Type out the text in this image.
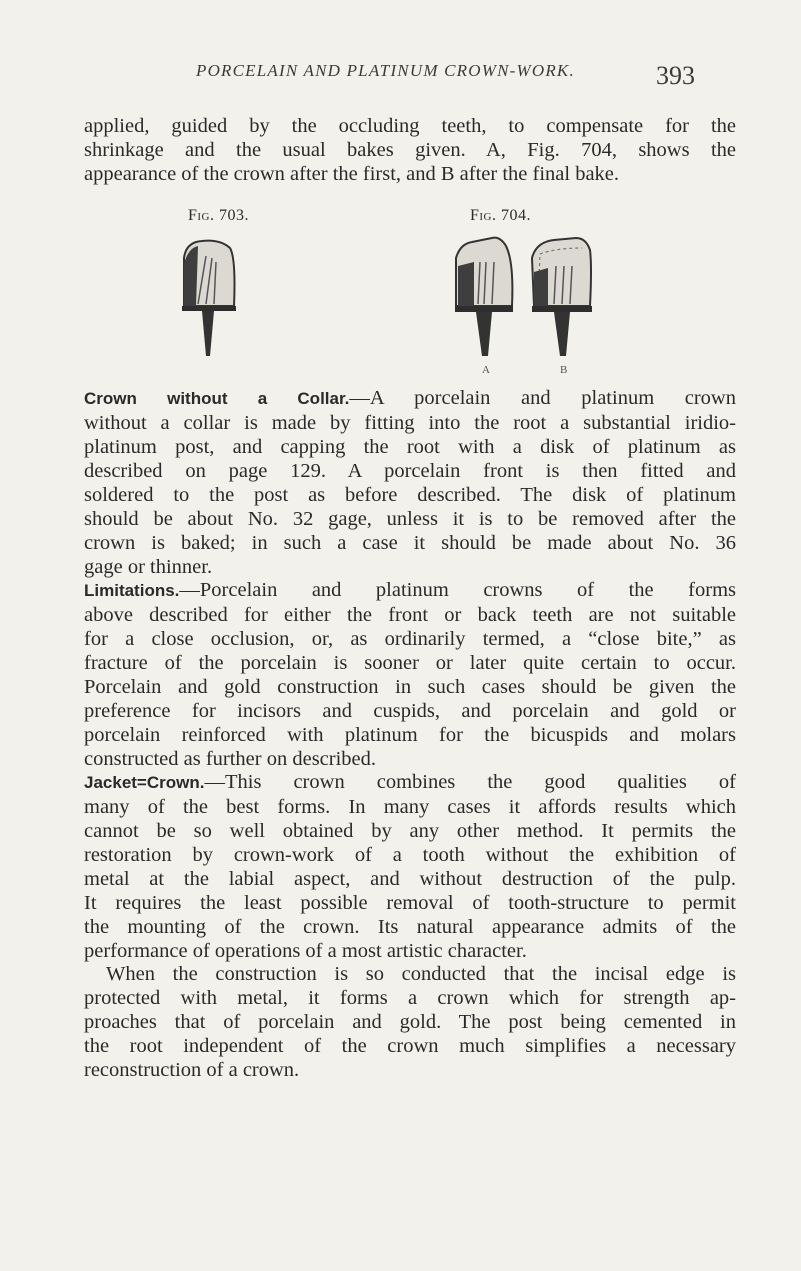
PORCELAIN AND PLATINUM CROWN-WORK.	393
applied, guided by the occluding teeth, to compensate for the
shrinkage and the usual bakes given. A, Fig. 704, shows the
appearance of the crown after the first, and B after the final bake.
Fig. 703.	Fig. 704.
A	B
Crown without a Collar.—A porcelain and platinum crown
without a collar is made by fitting into the root a substantial iridio-
platinum post, and capping the root with a disk of platinum as
described on page 129. A porcelain front is then fitted and
soldered to the post as before described. The disk of platinum
should be about No. 32 gage, unless it is to be removed after the
crown is baked; in such a case it should be made about No. 36
gage or thinner.
Limitations.—Porcelain and platinum crowns of the forms
above described for either the front or back teeth are not suitable
for a close occlusion, or, as ordinarily termed, a “close bite,” as
fracture of the porcelain is sooner or later quite certain to occur.
Porcelain and gold construction in such cases should be given the
preference for incisors and cuspids, and porcelain and gold or
porcelain reinforced with platinum for the bicuspids and molars
constructed as further on described.
Jacket=Crown.—This crown combines the good qualities of
many of the best forms. In many cases it affords results which
cannot be so well obtained by any other method. It permits the
restoration by crown-work of a tooth without the exhibition of
metal at the labial aspect, and without destruction of the pulp.
It requires the least possible removal of tooth-structure to permit
the mounting of the crown. Its natural appearance admits of the
performance of operations of a most artistic character.
When the construction is so conducted that the incisal edge is
protected with metal, it forms a crown which for strength ap-
proaches that of porcelain and gold. The post being cemented in
the root independent of the crown much simplifies a necessary
reconstruction of a crown.
